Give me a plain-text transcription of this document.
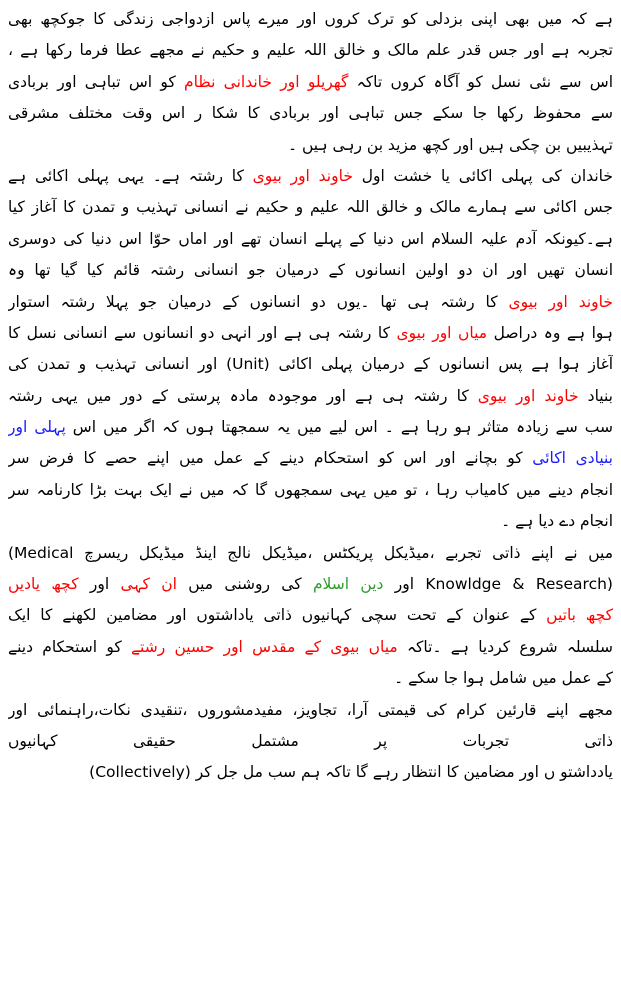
ہے کہ میں بھی اپنی بزدلی کو ترک کروں اور میرے پاس ازدواجی زندگی کا جوکچھ بھی
تجربہ ہے اور جس قدر علم مالک و خالق اللہ علیم و حکیم نے مجھے عطا فرما رکھا ہے ،
اس سے نئی نسل کو آگاہ کروں تاکہ گھریلو اور خاندانی نظام کو اس تباہی اور بربادی
سے محفوظ رکھا جا سکے جس تباہی اور بربادی کا شکا ر اس وقت مختلف مشرقی
تہذیبیں بن چکی ہیں اور کچھ مزید بن رہی ہیں ۔
خاندان کی پہلی اکائی یا خشت اول خاوند اور بیوی کا رشتہ ہے۔ یہی پہلی اکائی ہے
جس اکائی سے ہمارے مالک و خالق اللہ علیم و حکیم نے انسانی تہذیب و تمدن کا آغاز کیا
ہے۔کیونکہ آدم علیہ السلام اس دنیا کے پہلے انسان تھے اور اماں حوّا اس دنیا کی دوسری
انسان تھیں اور ان دو اولین انسانوں کے درمیان جو انسانی رشتہ قائم کیا گیا تھا وہ
خاوند اور بیوی کا رشتہ ہی تھا ۔یوں دو انسانوں کے درمیان جو پہلا رشتہ استوار
ہوا ہے وہ دراصل میاں اور بیوی کا رشتہ ہی ہے اور انہی دو انسانوں سے انسانی نسل کا
آغاز ہوا ہے پس انسانوں کے درمیان پہلی اکائی (Unit) اور انسانی تہذیب و تمدن کی
بنیاد خاوند اور بیوی کا رشتہ ہی ہے اور موجودہ مادہ پرستی کے دور میں یہی رشتہ
سب سے زیادہ متاثر ہو رہا ہے ۔ اس لیے میں یہ سمجھتا ہوں کہ اگر میں اس پہلی اور
بنیادی اکائی کو بچانے اور اس کو استحکام دینے کے عمل میں اپنے حصے کا فرض سر
انجام دینے میں کامیاب رہا ، تو میں یہی سمجھوں گا کہ میں نے ایک بہت بڑا کارنامہ سر
انجام دے دیا ہے ۔
میں نے اپنے ذاتی تجربے ،میڈیکل پریکٹس ،میڈیکل نالج اینڈ میڈیکل ریسرچ (Medical
Knowldge & Research) اور دین اسلام کی روشنی میں ان کہی اور کچھ یادیں
کچھ باتیں کے عنوان کے تحت سچی کہانیوں ذاتی یاداشتوں اور مضامین لکھنے کا ایک
سلسلہ شروع کردیا ہے ۔تاکہ میاں بیوی کے مقدس اور حسین رشتے کو استحکام دینے
کے عمل میں شامل ہوا جا سکے ۔
مجھے اپنے قارئین کرام کی قیمتی آرا، تجاویز، مفیدمشوروں ،تنقیدی نکات،راہنمائی اور
ذاتی تجربات پر مشتمل حقیقی کہانیوں
یادداشتو ں اور مضامین کا انتظار رہے گا تاکہ ہم سب مل جل کر (Collectively)
